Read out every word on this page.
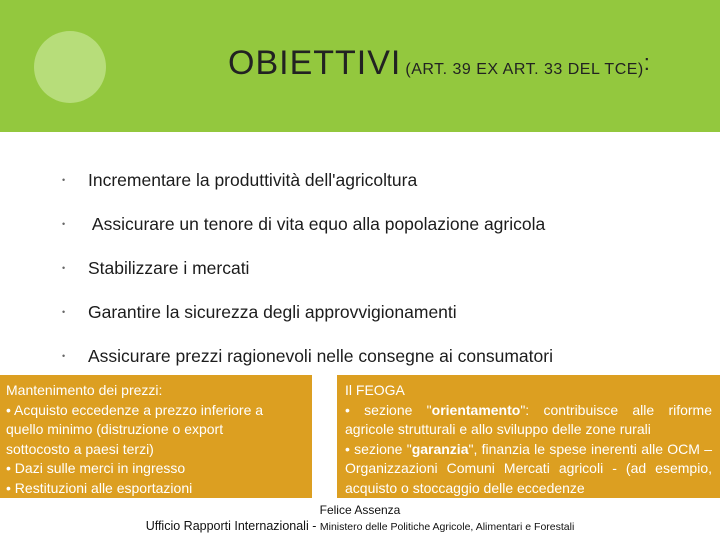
OBIETTIVI (ART. 39 EX ART. 33 DEL TCE):
• Incrementare la produttività dell'agricoltura
• Assicurare un tenore di vita equo alla popolazione agricola
• Stabilizzare i mercati
• Garantire la sicurezza degli approvvigionamenti
• Assicurare prezzi ragionevoli nelle consegne ai consumatori
Mantenimento dei prezzi:
• Acquisto eccedenze a prezzo inferiore a
quello minimo (distruzione o export
sottocosto a paesi terzi)
• Dazi sulle merci in ingresso
• Restituzioni alle esportazioni
Il FEOGA
• sezione "orientamento": contribuisce alle riforme agricole strutturali e allo sviluppo delle zone rurali
• sezione "garanzia", finanzia le spese inerenti alle OCM – Organizzazioni Comuni Mercati agricoli - (ad esempio, acquisto o stoccaggio delle eccedenze
Felice Assenza
Ufficio Rapporti Internazionali - Ministero delle Politiche Agricole, Alimentari e Forestali
